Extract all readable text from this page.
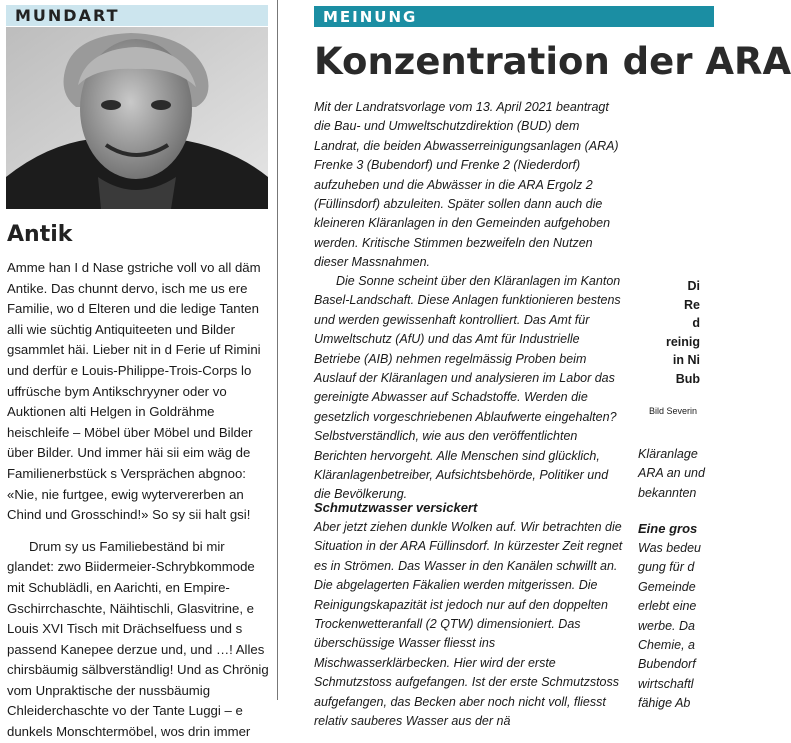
MUNDART
Antik

Amme han I d Nase gstriche voll vo all däm Antike. Das chunnt dervo, isch me us ere Familie, wo d Elteren und die ledige Tanten alli wie süchtig Antiquiteeten und Bilder gsammlet häi. Lieber nit in d Ferie uf Rimini und derfür e Louis-Philippe-Trois-Corps lo uffrüsche bym Antikschryyner oder vo Auktionen alti Helgen in Goldrähme heischleife – Möbel über Möbel und Bilder über Bilder. Und immer häi sii eim wäg de Familienerbstück s Versprächen abgnoo: «Nie, nie furtgee, ewig wytervererben an Chind und Grosschind!» So sy sii halt gsi!

Drum sy us Familiebeständ bi mir glandet: zwo Biidermeier-Schrybkommode mit Schublädli, en Aarichti, en Empire-Gschirrchaschte, Näihtischli, Glasvitrine, e Louis XVI Tisch mit Drächselfuess und s passend Kanepee derzue und, und …! Alles chirsbäumig sälbverständlig! Und as Chrönig vom Unpraktische der nussbäumig Chleiderchaschte vo der Tante Luggi – e dunkels Monschtermöbel, wos drin immer

MEINUNG
Konzentration der ARA

Mit der Landratsvorlage vom 13. April 2021 beantragt die Bau- und Umweltschutzdirektion (BUD) dem Landrat, die beiden Abwasserreinigungsanlagen (ARA) Frenke 3 (Bubendorf) und Frenke 2 (Niederdorf) aufzuheben und die Abwässer in die ARA Ergolz 2 (Füllinsdorf) abzuleiten. Später sollen dann auch die kleineren Kläranlagen in den Gemeinden aufgehoben werden. Kritische Stimmen bezweifeln den Nutzen dieser Massnahmen.

Die Sonne scheint über den Kläranlagen im Kanton Basel-Landschaft. Diese Anlagen funktionieren bestens und werden gewissenhaft kontrolliert. Das Amt für Umweltschutz (AfU) und das Amt für Industrielle Betriebe (AIB) nehmen regelmässig Proben beim Auslauf der Kläranlagen und analysieren im Labor das gereinigte Abwasser auf Schadstoffe. Werden die gesetzlich vorgeschriebenen Ablaufwerte eingehalten? Selbstverständlich, wie aus den veröffentlichten Berichten hervorgeht. Alle Menschen sind glücklich, Kläranlagenbetreiber, Aufsichtsbehörde, Politiker und die Bevölkerung.

Schmutzwasser versickert

Aber jetzt ziehen dunkle Wolken auf. Wir betrachten die Situation in der ARA Füllinsdorf. In kürzester Zeit regnet es in Strömen. Das Wasser in den Kanälen schwillt an. Die abgelagerten Fäkalien werden mitgerissen. Die Reinigungskapazität ist jedoch nur auf den doppelten Trockenwetteranfall (2 QTW) dimensioniert. Das überschüssige Wasser fliesst ins Mischwasserklärbecken. Hier wird der erste Schmutzstoss aufgefangen. Ist der erste Schmutzstoss aufgefangen, das Becken aber noch nicht voll, fliesst relativ sauberes Wasser aus der nä

Di
Re
d
reinig
in Ni
Bub
Bild Severin
Kläranlage
ARA an und
bekannten
Eine gros
Was bedeu
gung für d
Gemeinde
erlebt eine
werbe. Da
Chemie, a
Bubendorf
wirtschaftl
fähige Ab
